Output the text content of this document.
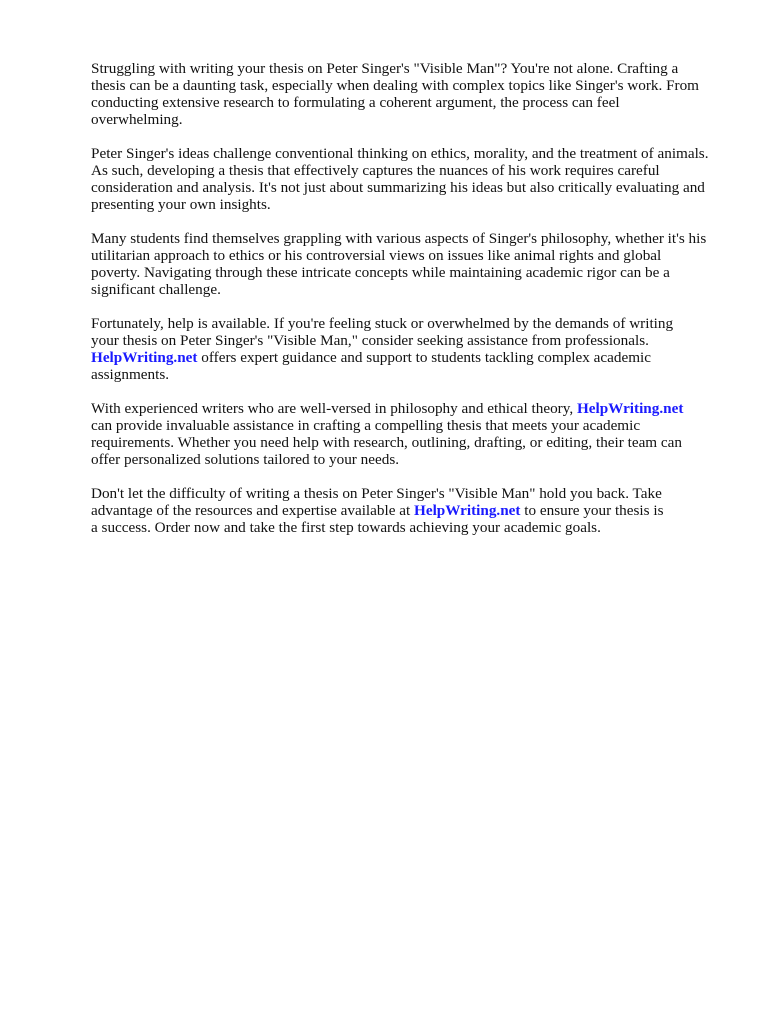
Struggling with writing your thesis on Peter Singer's "Visible Man"? You're not alone. Crafting a
thesis can be a daunting task, especially when dealing with complex topics like Singer's work. From
conducting extensive research to formulating a coherent argument, the process can feel
overwhelming.

Peter Singer's ideas challenge conventional thinking on ethics, morality, and the treatment of animals.
As such, developing a thesis that effectively captures the nuances of his work requires careful
consideration and analysis. It's not just about summarizing his ideas but also critically evaluating and
presenting your own insights.

Many students find themselves grappling with various aspects of Singer's philosophy, whether it's his
utilitarian approach to ethics or his controversial views on issues like animal rights and global
poverty. Navigating through these intricate concepts while maintaining academic rigor can be a
significant challenge.

Fortunately, help is available. If you're feeling stuck or overwhelmed by the demands of writing
your thesis on Peter Singer's "Visible Man," consider seeking assistance from professionals.
HelpWriting.net offers expert guidance and support to students tackling complex academic
assignments.

With experienced writers who are well-versed in philosophy and ethical theory, HelpWriting.net
can provide invaluable assistance in crafting a compelling thesis that meets your academic
requirements. Whether you need help with research, outlining, drafting, or editing, their team can
offer personalized solutions tailored to your needs.

Don't let the difficulty of writing a thesis on Peter Singer's "Visible Man" hold you back. Take
advantage of the resources and expertise available at HelpWriting.net to ensure your thesis is
a success. Order now and take the first step towards achieving your academic goals.
